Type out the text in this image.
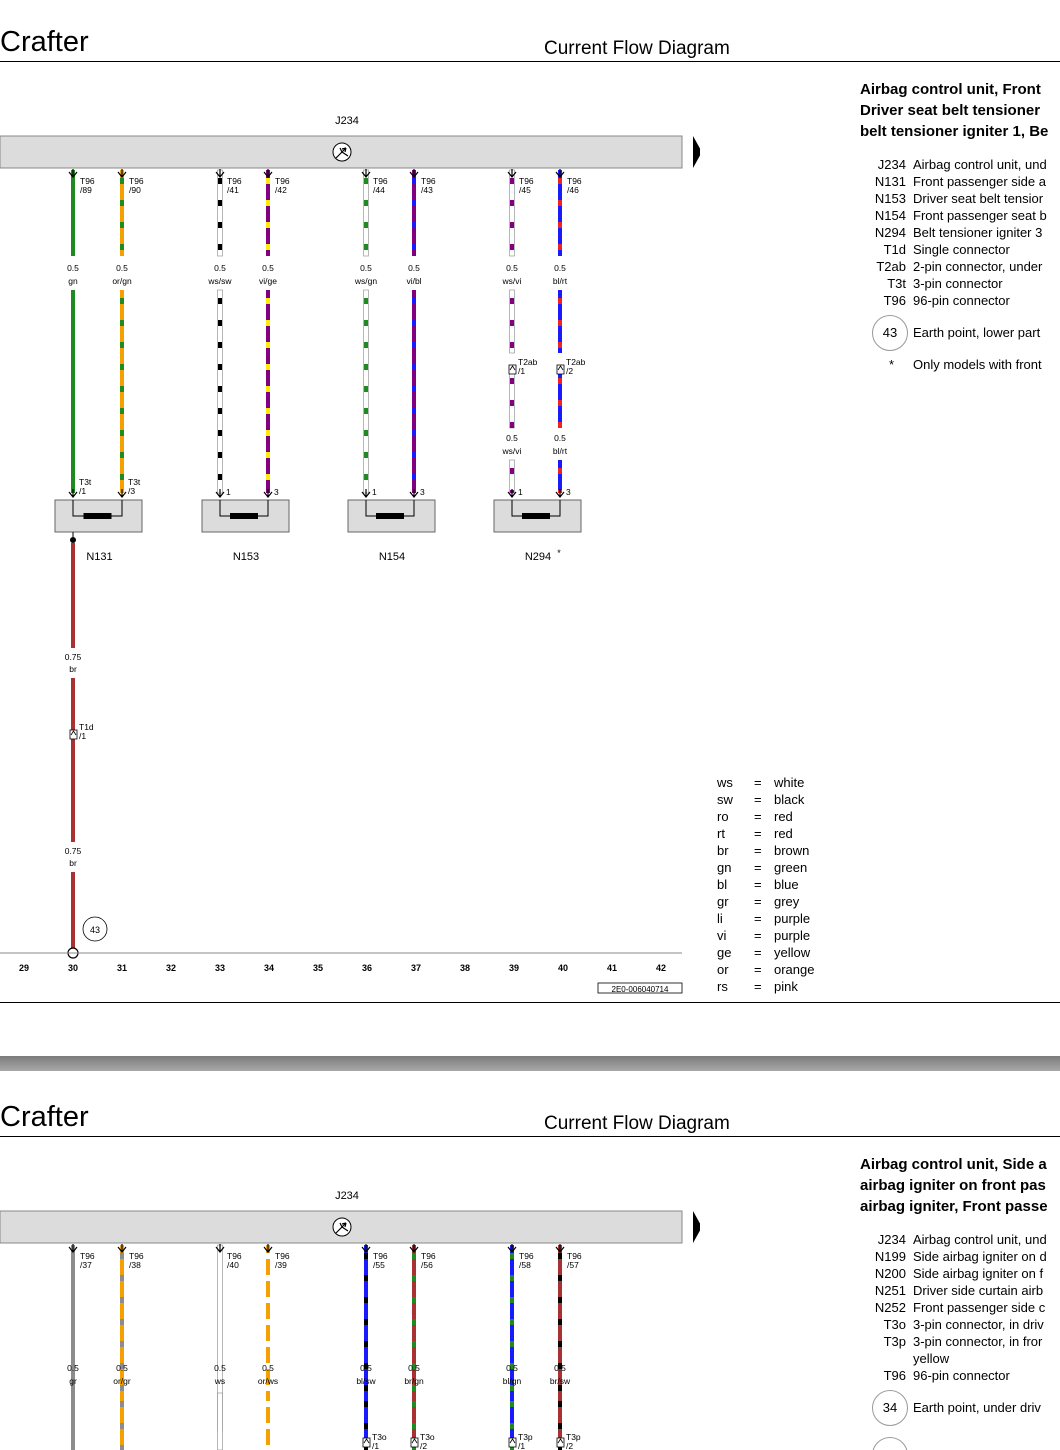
Crafter	Current Flow Diagram
Airbag control unit, Front
Driver seat belt tensioner
belt tensioner igniter 1, Be
J234 Airbag control unit, und
N131 Front passenger side a
N153 Driver seat belt tensior
N154 Front passenger seat b
N294 Belt tensioner igniter 3
T1d Single connector
T2ab 2-pin connector, under
T3t 3-pin connector
T96 96-pin connector
43	Earth point, lower part
* Only models with front
J234
T96
/89
0.5
gn
T96
/90
0.5
or/gn
T96
/41
0.5
ws/sw
T96
/42
0.5
vi/ge
T96
/44
0.5
ws/gn
T96
/43
0.5
vi/bl
T96
/45
0.5
ws/vi
T96
/46
0.5
bl/rt
T2ab
/1
0.5
ws/vi
T2ab
/2
0.5
bl/rt
T3t
/1
T3t
/3	1	3	1	3	1	3
N131	N153	N154	N294 *
0.75
br
0.75
br
T1d
/1
43
29	30	31	32	33	34	35	36	37	38	39	40	41	42
2E0-006040714
ws = white
sw = black
ro = red
rt = red
br = brown
gn = green
bl = blue
gr = grey
li = purple
vi = purple
ge = yellow
or = orange
rs = pink
Crafter	Current Flow Diagram
Airbag control unit, Side a
airbag igniter on front pas
airbag igniter, Front passe
J234 Airbag control unit, und
N199 Side airbag igniter on d
N200 Side airbag igniter on f
N251 Driver side curtain airb
N252 Front passenger side c
T3o 3-pin connector, in driv
T3p 3-pin connector, in fror
yellow
T96 96-pin connector
34	Earth point, under driv
J234
T96
/37
0.5
gr
T96
/38
0.5
or/gr
T96
/40
0.5
ws
T96
/39
0.5
or/ws
T96
/55
0.5
bl/sw
T96
/56
0.5
br/gn
T96
/58
0.5
bl/gn
T96
/57
0.5
br/sw
T3o
/1
T3o
/2
T3p
/1
T3p
/2
